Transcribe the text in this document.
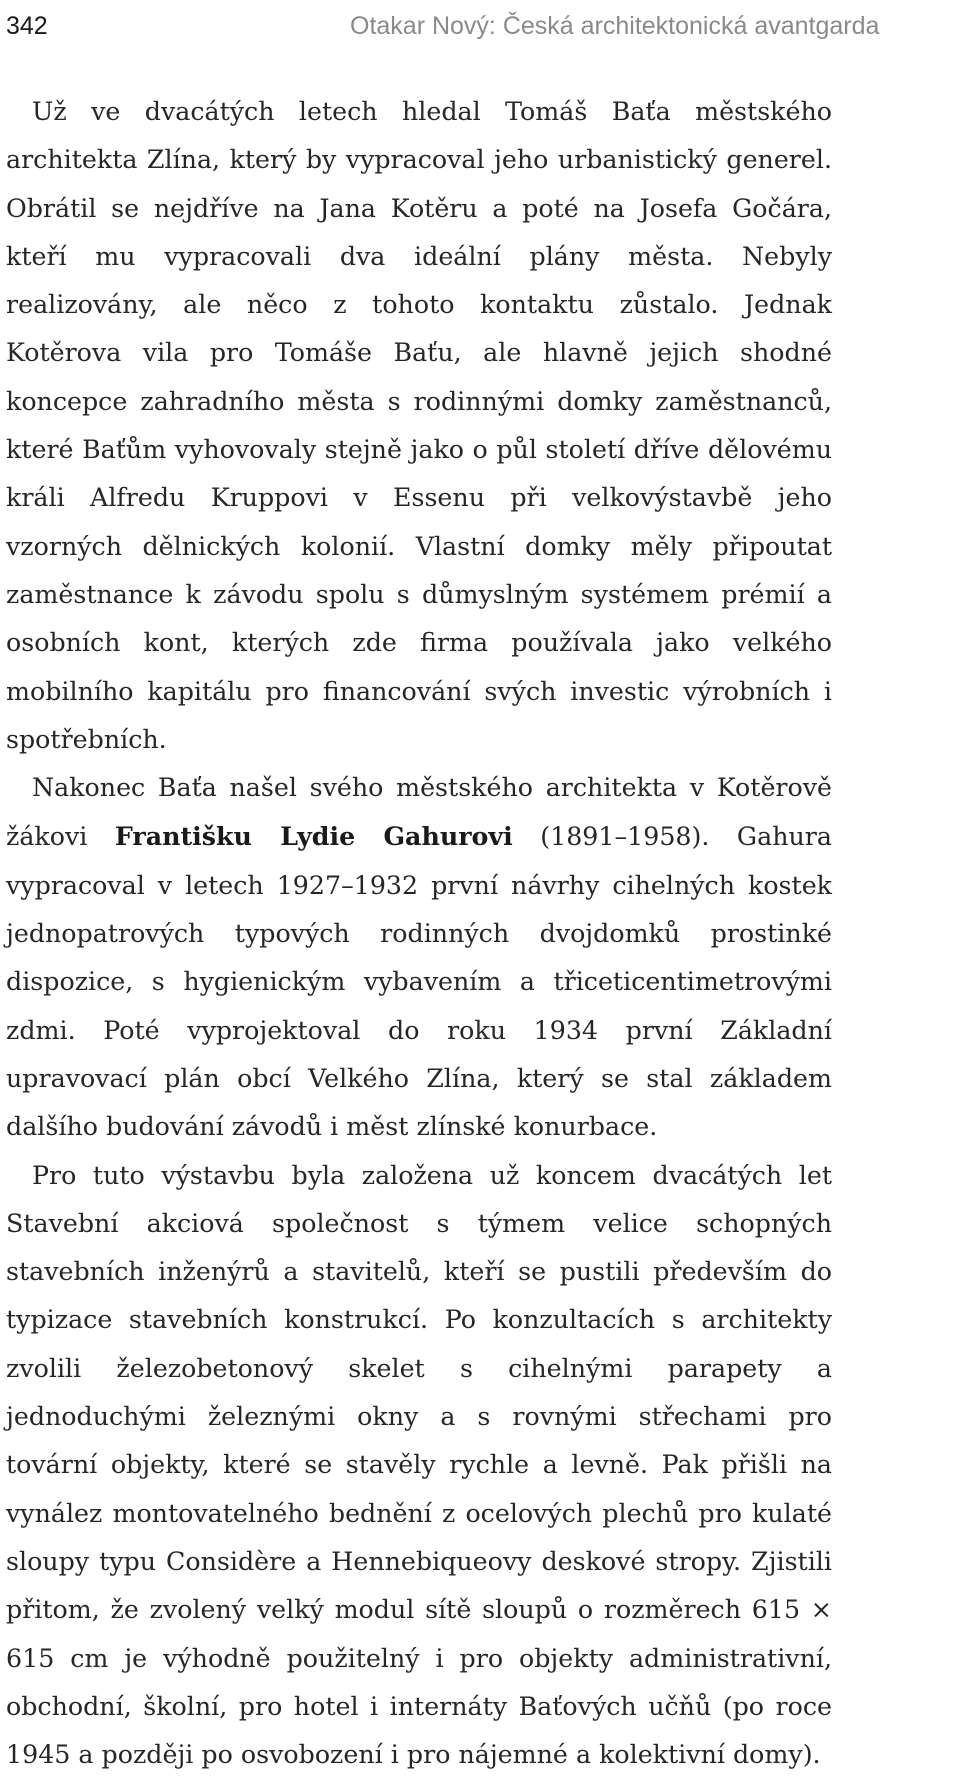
342	Otakar Nový: Česká architektonická avantgarda

Už ve dvacátých letech hledal Tomáš Baťa městského architekta Zlína, který by vypracoval jeho urbanistický generel. Obrátil se nejdříve na Jana Kotěru a poté na Josefa Gočára, kteří mu vypracovali dva ideální plány města. Nebyly realizovány, ale něco z tohoto kontaktu zůstalo. Jednak Kotěrova vila pro Tomáše Baťu, ale hlavně jejich shodné koncepce zahradního města s rodinnými domky zaměstnanců, které Baťům vyhovovaly stejně jako o půl století dříve dělovému králi Alfredu Kruppovi v Essenu při velkovýstavbě jeho vzorných dělnických kolonií. Vlastní domky měly připoutat zaměstnance k závodu spolu s důmyslným systémem prémií a osobních kont, kterých zde firma používala jako velkého mobilního kapitálu pro financování svých investic výrobních i spotřebních.

Nakonec Baťa našel svého městského architekta v Kotěrově žákovi Františku Lydie Gahurovi (1891–1958). Gahura vypracoval v letech 1927–1932 první návrhy cihelných kostek jednopatrových typových rodinných dvojdomků prostinké dispozice, s hygienickým vybavením a třiceticentimetrovými zdmi. Poté vyprojektoval do roku 1934 první Základní upravovací plán obcí Velkého Zlína, který se stal základem dalšího budování závodů i měst zlínské konurbace.

Pro tuto výstavbu byla založena už koncem dvacátých let Stavební akciová společnost s týmem velice schopných stavebních inženýrů a stavitelů, kteří se pustili především do typizace stavebních konstrukcí. Po konzultacích s architekty zvolili železobetonový skelet s cihelnými parapety a jednoduchými železnými okny a s rovnými střechami pro tovární objekty, které se stavěly rychle a levně. Pak přišli na vynález montovatelného bednění z ocelových plechů pro kulaté sloupy typu Considère a Hennebiqueovy deskové stropy. Zjistili přitom, že zvolený velký modul sítě sloupů o rozměrech 615 × 615 cm je výhodně použitelný i pro objekty administrativní, obchodní, školní, pro hotel i internáty Baťových učňů (po roce 1945 a později po osvobození i pro nájemné a kolektivní domy).
